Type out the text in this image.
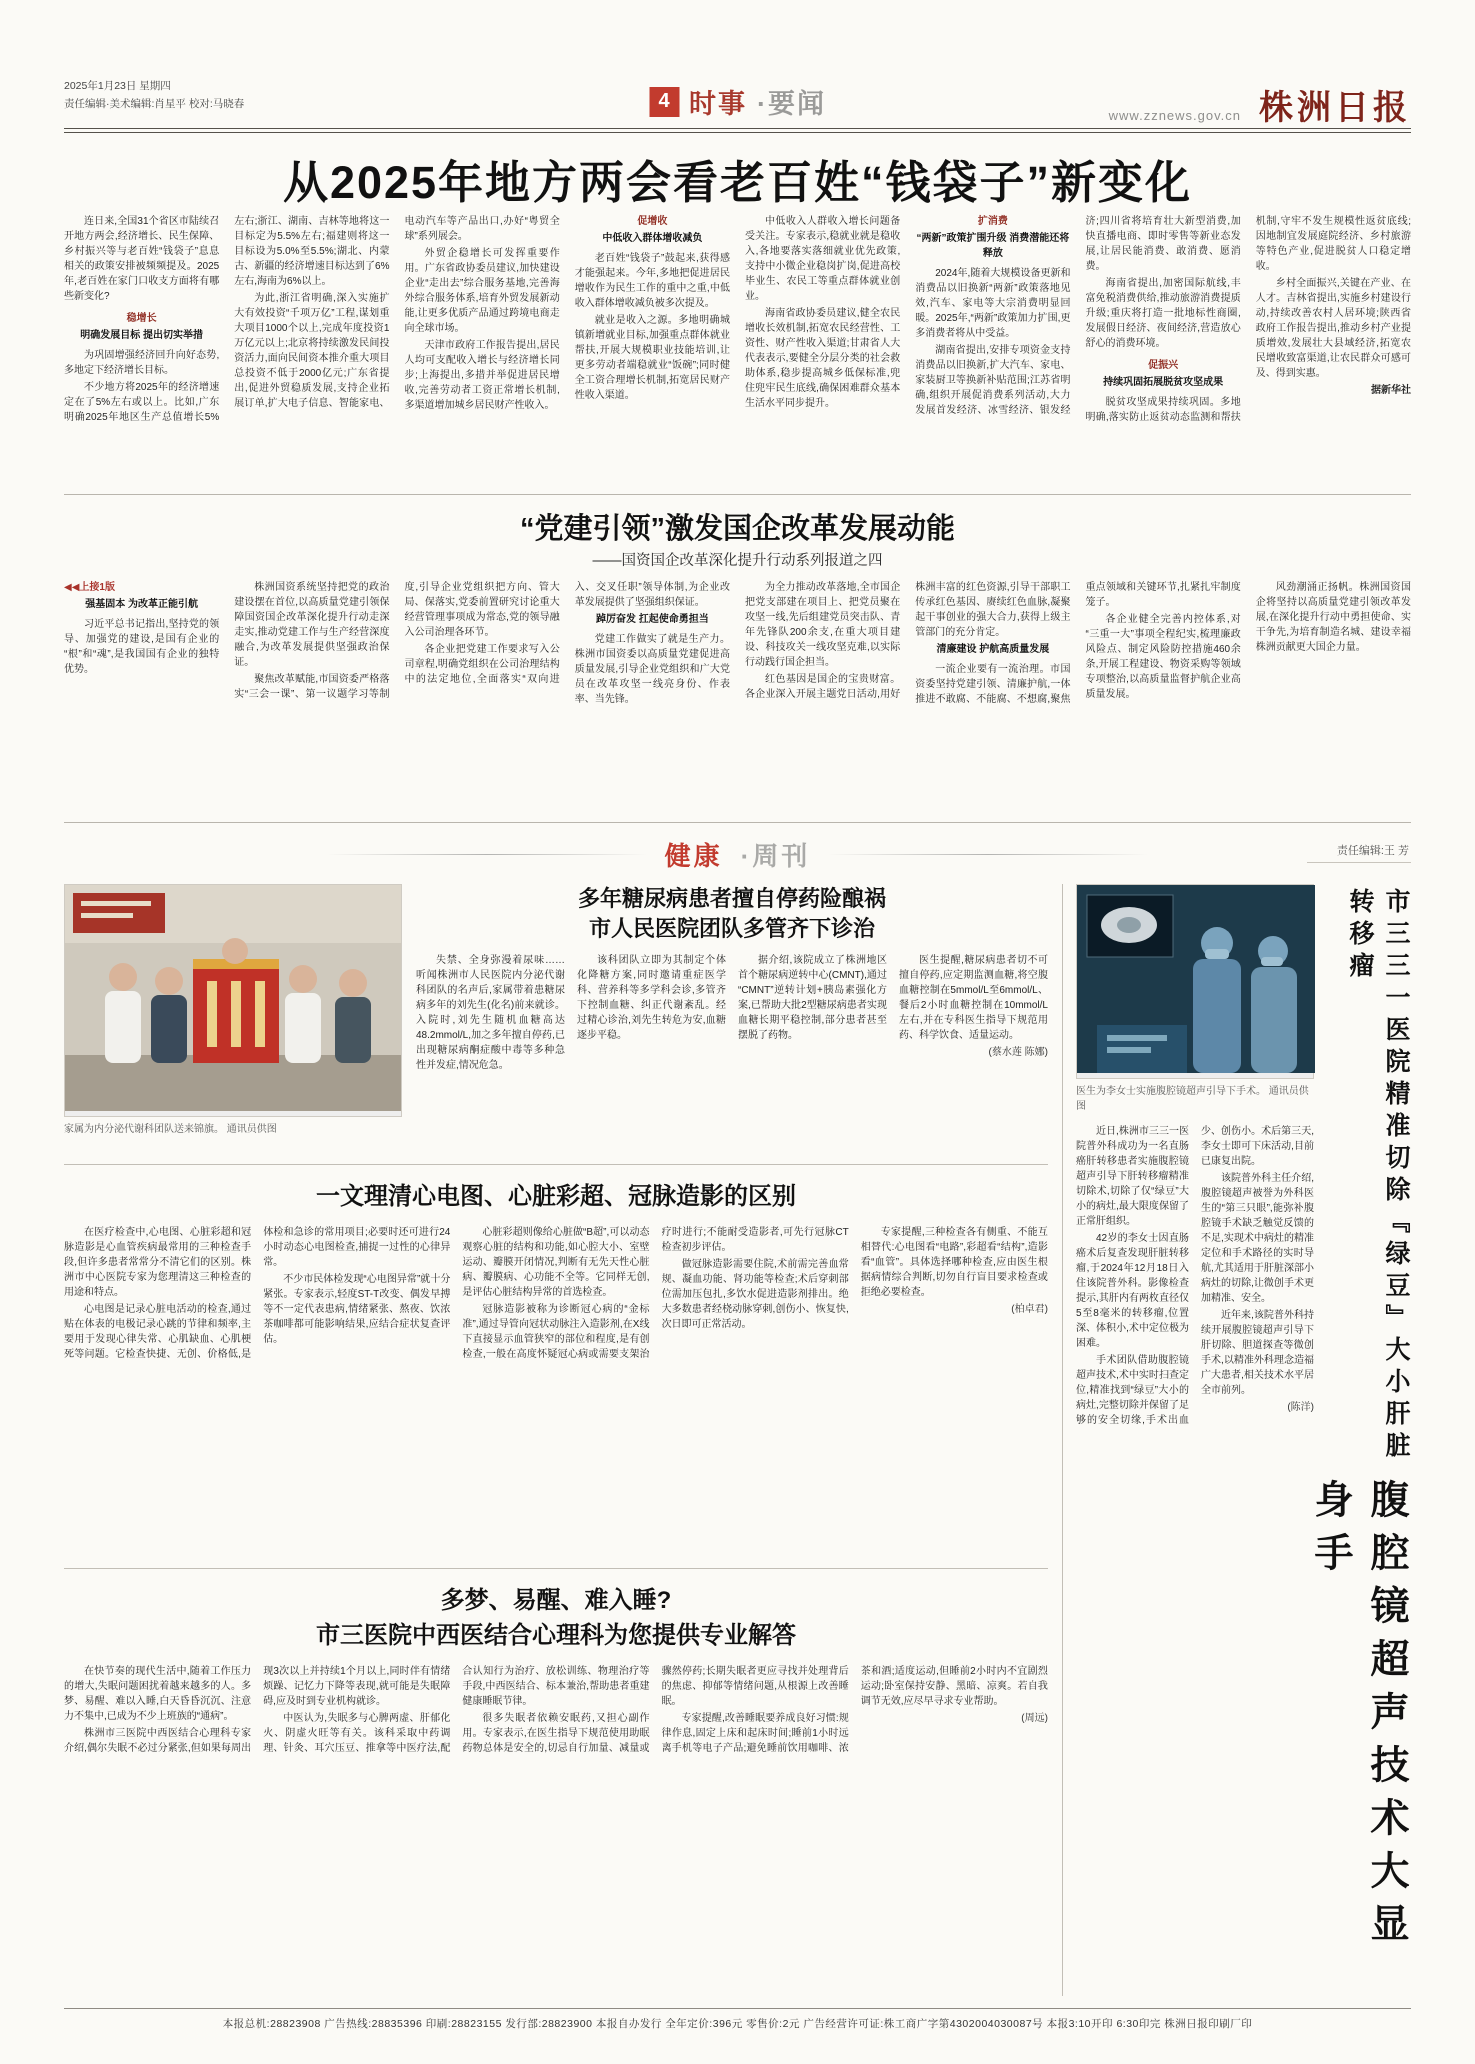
2025年1月23日 星期四
责任编辑·美术编辑:肖星平 校对:马晓春	4 时事 ·要闻	www.zznews.gov.cn 株洲日报
从2025年地方两会看老百姓“钱袋子”新变化

连日来,全国31个省区市陆续召开地方两会,经济增长、民生保障、乡村振兴等与老百姓“钱袋子”息息相关的政策安排被频频提及。2025年,老百姓在家门口收支方面将有哪些新变化?

稳增长

明确发展目标 提出切实举措

为巩固增强经济回升向好态势,多地定下经济增长目标。

不少地方将2025年的经济增速定在了5%左右或以上。比如,广东明确2025年地区生产总值增长5%左右;浙江、湖南、吉林等地将这一目标定为5.5%左右;福建则将这一目标设为5.0%至5.5%;湖北、内蒙古、新疆的经济增速目标达到了6%左右,海南为6%以上。

为此,浙江省明确,深入实施扩大有效投资“千项万亿”工程,谋划重大项目1000个以上,完成年度投资1万亿元以上;北京将持续激发民间投资活力,面向民间资本推介重大项目总投资不低于2000亿元;广东省提出,促进外贸稳质发展,支持企业拓展订单,扩大电子信息、智能家电、电动汽车等产品出口,办好“粤贸全球”系列展会。

外贸企稳增长可发挥重要作用。广东省政协委员建议,加快建设企业“走出去”综合服务基地,完善海外综合服务体系,培育外贸发展新动能,让更多优质产品通过跨境电商走向全球市场。

天津市政府工作报告提出,居民人均可支配收入增长与经济增长同步;上海提出,多措并举促进居民增收,完善劳动者工资正常增长机制,多渠道增加城乡居民财产性收入。

促增收

中低收入群体增收减负

老百姓“钱袋子”鼓起来,获得感才能强起来。今年,多地把促进居民增收作为民生工作的重中之重,中低收入群体增收减负被多次提及。

就业是收入之源。多地明确城镇新增就业目标,加强重点群体就业帮扶,开展大规模职业技能培训,让更多劳动者端稳就业“饭碗”;同时健全工资合理增长机制,拓宽居民财产性收入渠道。

中低收入人群收入增长问题备受关注。专家表示,稳就业就是稳收入,各地要落实落细就业优先政策,支持中小微企业稳岗扩岗,促进高校毕业生、农民工等重点群体就业创业。

海南省政协委员建议,健全农民增收长效机制,拓宽农民经营性、工资性、财产性收入渠道;甘肃省人大代表表示,要健全分层分类的社会救助体系,稳步提高城乡低保标准,兜住兜牢民生底线,确保困难群众基本生活水平同步提升。

扩消费

“两新”政策扩围升级 消费潜能还将释放

2024年,随着大规模设备更新和消费品以旧换新“两新”政策落地见效,汽车、家电等大宗消费明显回暖。2025年,“两新”政策加力扩围,更多消费者将从中受益。

湖南省提出,安排专项资金支持消费品以旧换新,扩大汽车、家电、家装厨卫等换新补贴范围;江苏省明确,组织开展促消费系列活动,大力发展首发经济、冰雪经济、银发经济;四川省将培育壮大新型消费,加快直播电商、即时零售等新业态发展,让居民能消费、敢消费、愿消费。

海南省提出,加密国际航线,丰富免税消费供给,推动旅游消费提质升级;重庆将打造一批地标性商圈,发展假日经济、夜间经济,营造放心舒心的消费环境。

促振兴

持续巩固拓展脱贫攻坚成果

脱贫攻坚成果持续巩固。多地明确,落实防止返贫动态监测和帮扶机制,守牢不发生规模性返贫底线;因地制宜发展庭院经济、乡村旅游等特色产业,促进脱贫人口稳定增收。

乡村全面振兴,关键在产业、在人才。吉林省提出,实施乡村建设行动,持续改善农村人居环境;陕西省政府工作报告提出,推动乡村产业提质增效,发展壮大县域经济,拓宽农民增收致富渠道,让农民群众可感可及、得到实惠。

据新华社

“党建引领”激发国企改革发展动能
——国资国企改革深化提升行动系列报道之四

◀◀上接1版

强基固本 为改革正能引航

习近平总书记指出,坚持党的领导、加强党的建设,是国有企业的“根”和“魂”,是我国国有企业的独特优势。

株洲国资系统坚持把党的政治建设摆在首位,以高质量党建引领保障国资国企改革深化提升行动走深走实,推动党建工作与生产经营深度融合,为改革发展提供坚强政治保证。

聚焦改革赋能,市国资委严格落实“三会一课”、第一议题学习等制度,引导企业党组织把方向、管大局、保落实,党委前置研究讨论重大经营管理事项成为常态,党的领导融入公司治理各环节。

各企业把党建工作要求写入公司章程,明确党组织在公司治理结构中的法定地位,全面落实“双向进入、交叉任职”领导体制,为企业改革发展提供了坚强组织保证。

踔厉奋发 扛起使命勇担当

党建工作做实了就是生产力。株洲市国资委以高质量党建促进高质量发展,引导企业党组织和广大党员在改革攻坚一线亮身份、作表率、当先锋。

为全力推动改革落地,全市国企把党支部建在项目上、把党员聚在攻坚一线,先后组建党员突击队、青年先锋队200余支,在重大项目建设、科技攻关一线攻坚克难,以实际行动践行国企担当。

红色基因是国企的宝贵财富。各企业深入开展主题党日活动,用好株洲丰富的红色资源,引导干部职工传承红色基因、赓续红色血脉,凝聚起干事创业的强大合力,获得上级主管部门的充分肯定。

清廉建设 护航高质量发展

一流企业要有一流治理。市国资委坚持党建引领、清廉护航,一体推进不敢腐、不能腐、不想腐,聚焦重点领域和关键环节,扎紧扎牢制度笼子。

各企业健全完善内控体系,对“三重一大”事项全程纪实,梳理廉政风险点、制定风险防控措施460余条,开展工程建设、物资采购等领域专项整治,以高质量监督护航企业高质量发展。

风劲潮涌正扬帆。株洲国资国企将坚持以高质量党建引领改革发展,在深化提升行动中勇担使命、实干争先,为培育制造名城、建设幸福株洲贡献更大国企力量。

健康 ·周刊	责任编辑:王 芳
家属为内分泌代谢科团队送来锦旗。 通讯员供图
多年糖尿病患者擅自停药险酿祸
市人民医院团队多管齐下诊治

失禁、全身弥漫着尿味……听闻株洲市人民医院内分泌代谢科团队的名声后,家属带着患糖尿病多年的刘先生(化名)前来就诊。入院时,刘先生随机血糖高达48.2mmol/L,加之多年擅自停药,已出现糖尿病酮症酸中毒等多种急性并发症,情况危急。

该科团队立即为其制定个体化降糖方案,同时邀请重症医学科、营养科等多学科会诊,多管齐下控制血糖、纠正代谢紊乱。经过精心诊治,刘先生转危为安,血糖逐步平稳。

据介绍,该院成立了株洲地区首个糖尿病逆转中心(CMNT),通过“CMNT”逆转计划+胰岛素强化方案,已帮助大批2型糖尿病患者实现血糖长期平稳控制,部分患者甚至摆脱了药物。

医生提醒,糖尿病患者切不可擅自停药,应定期监测血糖,将空腹血糖控制在5mmol/L至6mmol/L、餐后2小时血糖控制在10mmol/L左右,并在专科医生指导下规范用药、科学饮食、适量运动。

(蔡水莲 陈娜)

一文理清心电图、心脏彩超、冠脉造影的区别

在医疗检查中,心电图、心脏彩超和冠脉造影是心血管疾病最常用的三种检查手段,但许多患者常常分不清它们的区别。株洲市中心医院专家为您理清这三种检查的用途和特点。

心电图是记录心脏电活动的检查,通过贴在体表的电极记录心跳的节律和频率,主要用于发现心律失常、心肌缺血、心肌梗死等问题。它检查快捷、无创、价格低,是体检和急诊的常用项目;必要时还可进行24小时动态心电图检查,捕捉一过性的心律异常。

不少市民体检发现“心电图异常”就十分紧张。专家表示,轻度ST-T改变、偶发早搏等不一定代表患病,情绪紧张、熬夜、饮浓茶咖啡都可能影响结果,应结合症状复查评估。

心脏彩超则像给心脏做“B超”,可以动态观察心脏的结构和功能,如心腔大小、室壁运动、瓣膜开闭情况,判断有无先天性心脏病、瓣膜病、心功能不全等。它同样无创,是评估心脏结构异常的首选检查。

冠脉造影被称为诊断冠心病的“金标准”,通过导管向冠状动脉注入造影剂,在X线下直接显示血管狭窄的部位和程度,是有创检查,一般在高度怀疑冠心病或需要支架治疗时进行;不能耐受造影者,可先行冠脉CT检查初步评估。

做冠脉造影需要住院,术前需完善血常规、凝血功能、肾功能等检查;术后穿刺部位需加压包扎,多饮水促进造影剂排出。绝大多数患者经桡动脉穿刺,创伤小、恢复快,次日即可正常活动。

专家提醒,三种检查各有侧重、不能互相替代:心电图看“电路”,彩超看“结构”,造影看“血管”。具体选择哪种检查,应由医生根据病情综合判断,切勿自行盲目要求检查或拒绝必要检查。

(柏卓君)

多梦、易醒、难入睡?
市三医院中西医结合心理科为您提供专业解答

在快节奏的现代生活中,随着工作压力的增大,失眠问题困扰着越来越多的人。多梦、易醒、难以入睡,白天昏昏沉沉、注意力不集中,已成为不少上班族的“通病”。

株洲市三医院中西医结合心理科专家介绍,偶尔失眠不必过分紧张,但如果每周出现3次以上并持续1个月以上,同时伴有情绪烦躁、记忆力下降等表现,就可能是失眠障碍,应及时到专业机构就诊。

中医认为,失眠多与心脾两虚、肝郁化火、阴虚火旺等有关。该科采取中药调理、针灸、耳穴压豆、推拿等中医疗法,配合认知行为治疗、放松训练、物理治疗等手段,中西医结合、标本兼治,帮助患者重建健康睡眠节律。

很多失眠者依赖安眠药,又担心副作用。专家表示,在医生指导下规范使用助眠药物总体是安全的,切忌自行加量、减量或骤然停药;长期失眠者更应寻找并处理背后的焦虑、抑郁等情绪问题,从根源上改善睡眠。

专家提醒,改善睡眠要养成良好习惯:规律作息,固定上床和起床时间;睡前1小时远离手机等电子产品;避免睡前饮用咖啡、浓茶和酒;适度运动,但睡前2小时内不宜剧烈运动;卧室保持安静、黑暗、凉爽。若自我调节无效,应尽早寻求专业帮助。

(周远)

医生为李女士实施腹腔镜超声引导下手术。 通讯员供图

近日,株洲市三三一医院普外科成功为一名直肠癌肝转移患者实施腹腔镜超声引导下肝转移瘤精准切除术,切除了仅“绿豆”大小的病灶,最大限度保留了正常肝组织。

42岁的李女士因直肠癌术后复查发现肝脏转移瘤,于2024年12月18日入住该院普外科。影像检查提示,其肝内有两枚直径仅5至8毫米的转移瘤,位置深、体积小,术中定位极为困难。

手术团队借助腹腔镜超声技术,术中实时扫查定位,精准找到“绿豆”大小的病灶,完整切除并保留了足够的安全切缘,手术出血少、创伤小。术后第三天,李女士即可下床活动,目前已康复出院。

该院普外科主任介绍,腹腔镜超声被誉为外科医生的“第三只眼”,能弥补腹腔镜手术缺乏触觉反馈的不足,实现术中病灶的精准定位和手术路径的实时导航,尤其适用于肝脏深部小病灶的切除,让微创手术更加精准、安全。

近年来,该院普外科持续开展腹腔镜超声引导下肝切除、胆道探查等微创手术,以精准外科理念造福广大患者,相关技术水平居全市前列。

(陈洋)	市三三一医院精准切除『绿豆』大小肝脏转移瘤
腹腔镜超声技术大显身手
本报总机:28823908 广告热线:28835396 印刷:28823155 发行部:28823900 本报自办发行 全年定价:396元 零售价:2元 广告经营许可证:株工商广字第4302004030087号 本报3:10开印 6:30印完 株洲日报印刷厂印
